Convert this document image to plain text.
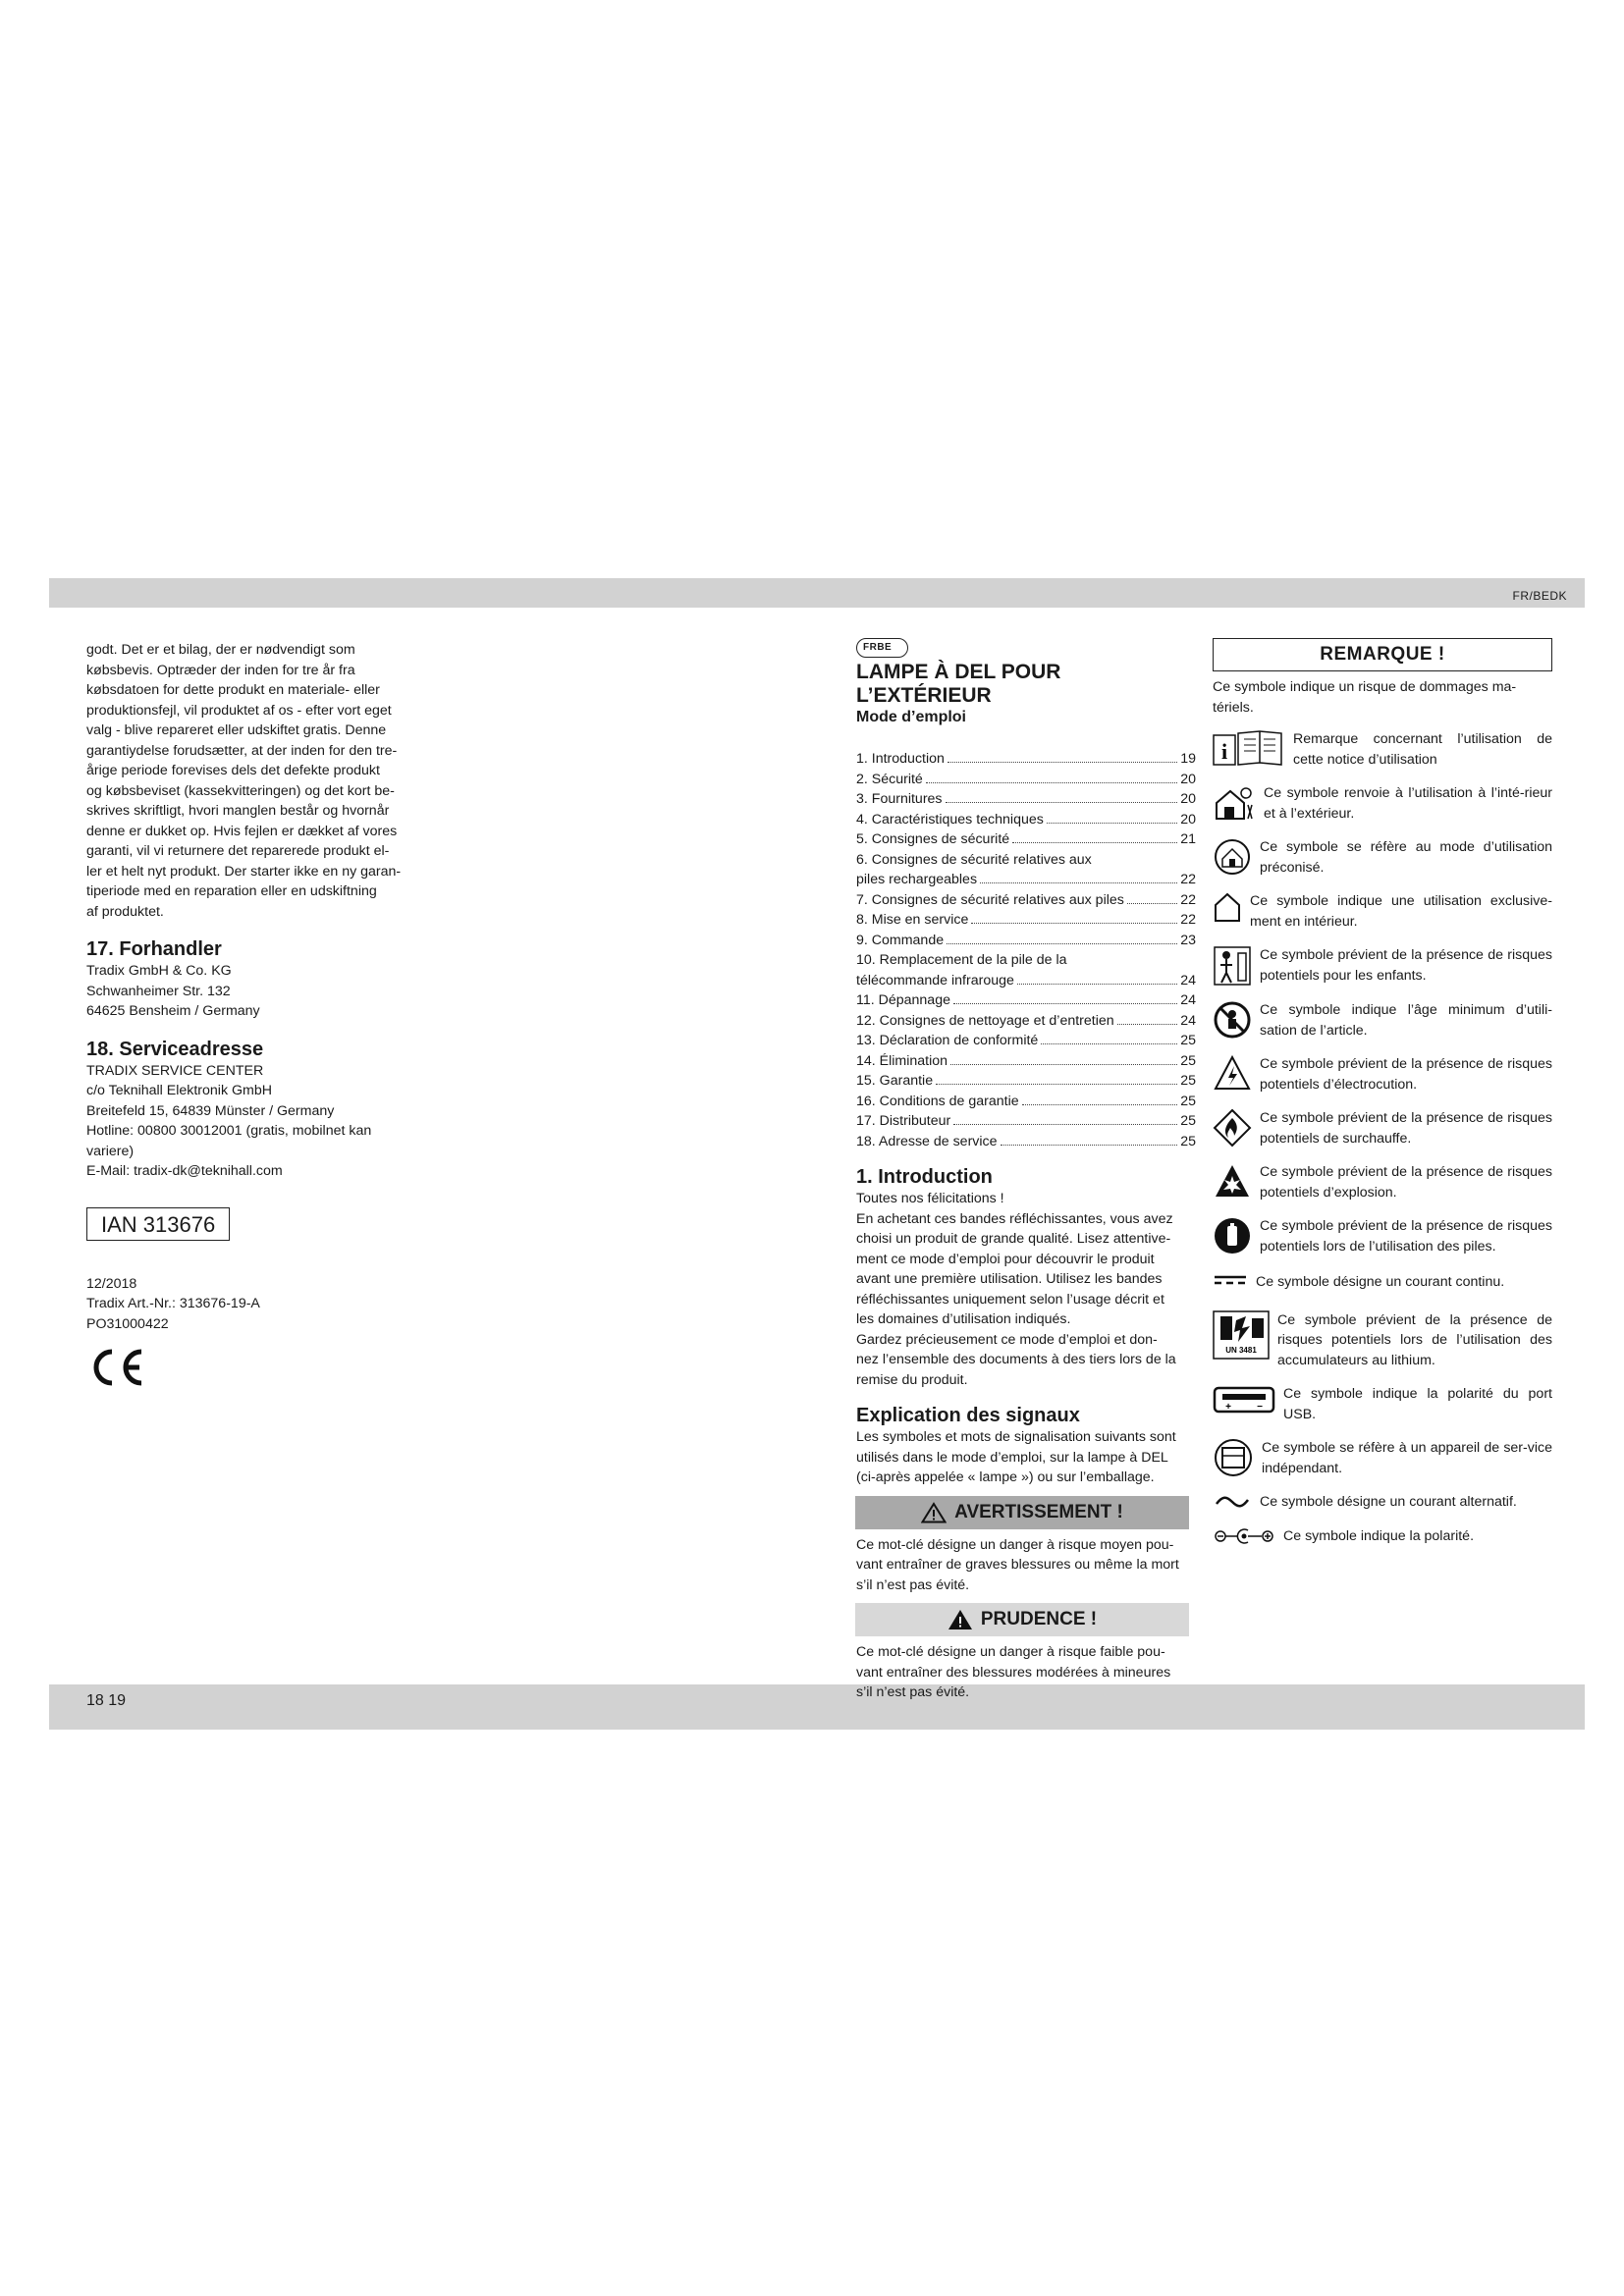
FR/BEDK
18 19
godt. Det er et bilag, der er nødvendigt som
købsbevis. Optræder der inden for tre år fra
købsdatoen for dette produkt en materiale- eller
produktionsfejl, vil produktet af os - efter vort eget
valg - blive repareret eller udskiftet gratis. Denne
garantiydelse forudsætter, at der inden for den tre-
årige periode forevises dels det defekte produkt
og købsbeviset (kassekvitteringen) og det kort be-
skrives skriftligt, hvori manglen består og hvornår
denne er dukket op. Hvis fejlen er dækket af vores
garanti, vil vi returnere det reparerede produkt el-
ler et helt nyt produkt. Der starter ikke en ny garan-
tiperiode med en reparation eller en udskiftning
af produktet.
17. Forhandler
Tradix GmbH & Co. KG
Schwanheimer Str. 132
64625 Bensheim / Germany
18. Serviceadresse
TRADIX SERVICE CENTER
c/o Teknihall Elektronik GmbH
Breitefeld 15, 64839 Münster / Germany
Hotline: 00800 30012001 (gratis, mobilnet kan
variere)
E-Mail: tradix-dk@teknihall.com
IAN 313676
12/2018
Tradix Art.-Nr.: 313676-19-A
PO31000422
FRBE
LAMPE À DEL POUR L’EXTÉRIEUR
Mode d’emploi
1. Introduction	19
2. Sécurité	20
3. Fournitures	20
4. Caractéristiques techniques	20
5. Consignes de sécurité	21
6. Consignes de sécurité relatives aux
piles rechargeables	22
7. Consignes de sécurité relatives aux piles	22
8. Mise en service	22
9. Commande	23
10. Remplacement de la pile de la
télécommande infrarouge	24
11. Dépannage	24
12. Consignes de nettoyage et d’entretien	24
13. Déclaration de conformité	25
14. Élimination	25
15. Garantie	25
16. Conditions de garantie	25
17. Distributeur	25
18. Adresse de service	25
1. Introduction
Toutes nos félicitations !
En achetant ces bandes réfléchissantes, vous avez
choisi un produit de grande qualité. Lisez attentive-
ment ce mode d’emploi pour découvrir le produit
avant une première utilisation. Utilisez les bandes
réfléchissantes uniquement selon l’usage décrit et
les domaines d’utilisation indiqués.
Gardez précieusement ce mode d’emploi et don-
nez l’ensemble des documents à des tiers lors de la
remise du produit.
Explication des signaux
Les symboles et mots de signalisation suivants sont
utilisés dans le mode d’emploi, sur la lampe à DEL
(ci-après appelée « lampe ») ou sur l’emballage.
AVERTISSEMENT !
Ce mot-clé désigne un danger à risque moyen pou-
vant entraîner de graves blessures ou même la mort
s’il n’est pas évité.
PRUDENCE !
Ce mot-clé désigne un danger à risque faible pou-
vant entraîner des blessures modérées à mineures
s’il n’est pas évité.
REMARQUE !
Ce symbole indique un risque de dommages ma-
tériels.
i	Remarque concernant l’utilisation de cette notice d’utilisation
Ce symbole renvoie à l’utilisation à l’inté-rieur et à l’extérieur.
Ce symbole se réfère au mode d’utilisation préconisé.
Ce symbole indique une utilisation exclusive-ment en intérieur.
Ce symbole prévient de la présence de risques potentiels pour les enfants.
Ce symbole indique l’âge minimum d’utili-sation de l’article.
Ce symbole prévient de la présence de risques potentiels d’électrocution.
Ce symbole prévient de la présence de risques potentiels de surchauffe.
Ce symbole prévient de la présence de risques potentiels d’explosion.
Ce symbole prévient de la présence de risques potentiels lors de l’utilisation des piles.
Ce symbole désigne un courant continu.
UN 3481
Ce symbole prévient de la présence de risques potentiels lors de l’utilisation des accumulateurs au lithium.
+	−
Ce symbole indique la polarité du port USB.
Ce symbole se réfère à un appareil de ser-vice indépendant.
Ce symbole désigne un courant alternatif.
Ce symbole indique la polarité.
